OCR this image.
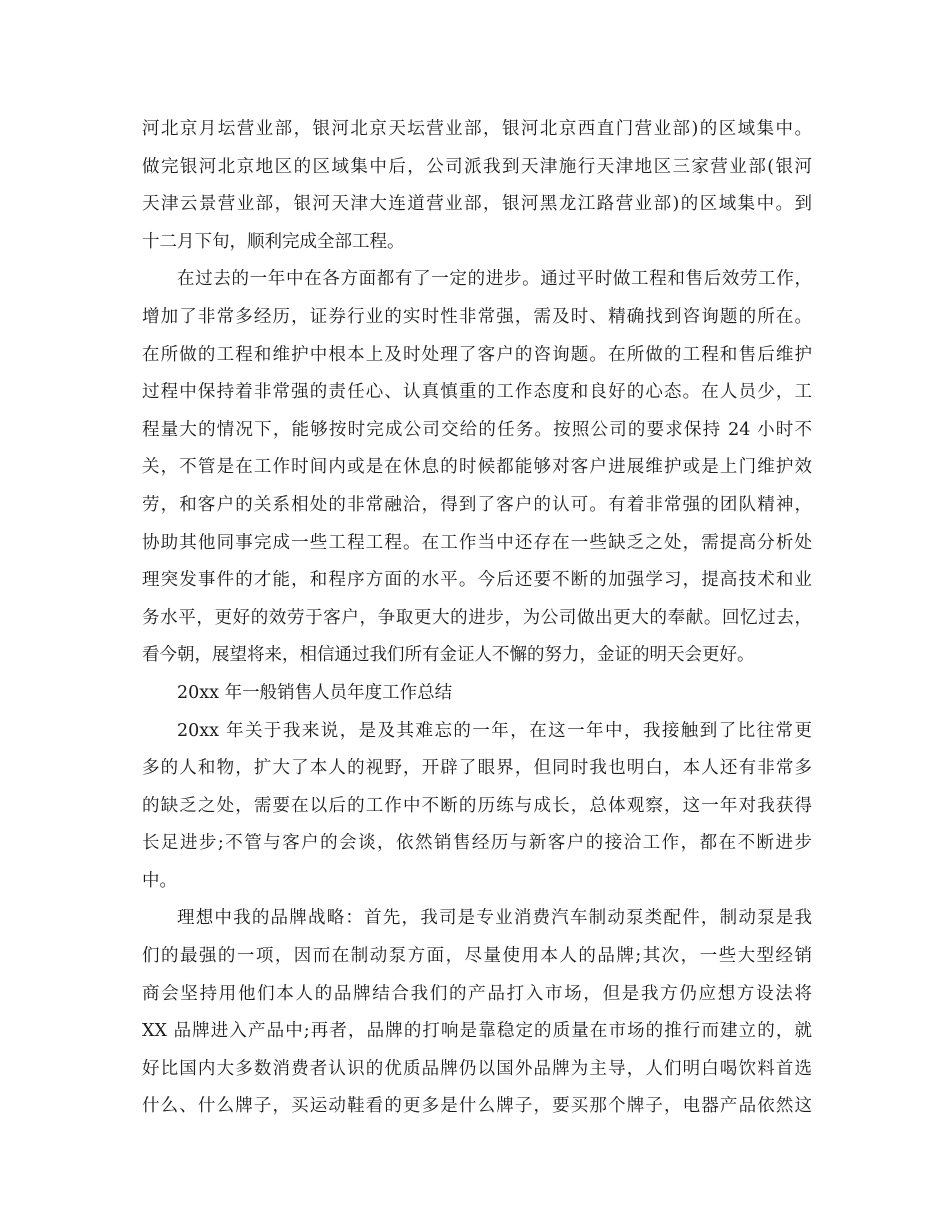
河北京月坛营业部，银河北京天坛营业部，银河北京西直门营业部)的区域集中。
做完银河北京地区的区域集中后，公司派我到天津施行天津地区三家营业部(银河
天津云景营业部，银河天津大连道营业部，银河黑龙江路营业部)的区域集中。到
十二月下旬，顺利完成全部工程。
在过去的一年中在各方面都有了一定的进步。通过平时做工程和售后效劳工作，
增加了非常多经历，证券行业的实时性非常强，需及时、精确找到咨询题的所在。
在所做的工程和维护中根本上及时处理了客户的咨询题。在所做的工程和售后维护
过程中保持着非常强的责任心、认真慎重的工作态度和良好的心态。在人员少，工
程量大的情况下，能够按时完成公司交给的任务。按照公司的要求保持 24 小时不
关，不管是在工作时间内或是在休息的时候都能够对客户进展维护或是上门维护效
劳，和客户的关系相处的非常融洽，得到了客户的认可。有着非常强的团队精神，
协助其他同事完成一些工程工程。在工作当中还存在一些缺乏之处，需提高分析处
理突发事件的才能，和程序方面的水平。今后还要不断的加强学习，提高技术和业
务水平，更好的效劳于客户，争取更大的进步，为公司做出更大的奉献。回忆过去，
看今朝，展望将来，相信通过我们所有金证人不懈的努力，金证的明天会更好。
20xx 年一般销售人员年度工作总结
20xx 年关于我来说，是及其难忘的一年，在这一年中，我接触到了比往常更
多的人和物，扩大了本人的视野，开辟了眼界，但同时我也明白，本人还有非常多
的缺乏之处，需要在以后的工作中不断的历练与成长，总体观察，这一年对我获得
长足进步;不管与客户的会谈，依然销售经历与新客户的接洽工作，都在不断进步
中。
理想中我的品牌战略：首先，我司是专业消费汽车制动泵类配件，制动泵是我
们的最强的一项，因而在制动泵方面，尽量使用本人的品牌;其次，一些大型经销
商会坚持用他们本人的品牌结合我们的产品打入市场，但是我方仍应想方设法将
XX 品牌进入产品中;再者，品牌的打响是靠稳定的质量在市场的推行而建立的，就
好比国内大多数消费者认识的优质品牌仍以国外品牌为主导，人们明白喝饮料首选
什么、什么牌子，买运动鞋看的更多是什么牌子，要买那个牌子，电器产品依然这
